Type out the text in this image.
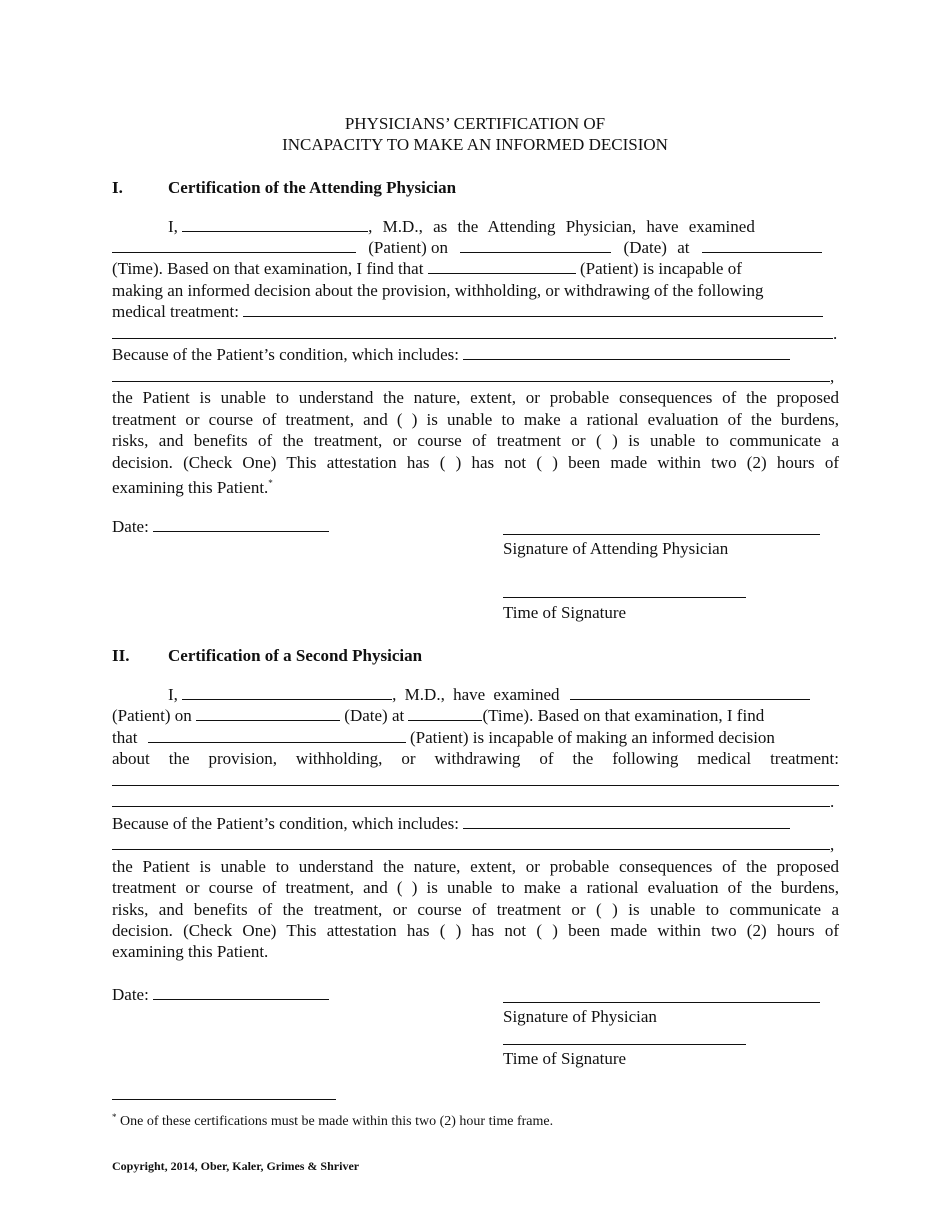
PHYSICIANS’ CERTIFICATION OF
INCAPACITY TO MAKE AN INFORMED DECISION
I.	Certification of the Attending Physician
I,	, M.D., as the Attending Physician, have examined
(Patient) on	(Date) at
(Time). Based on that examination, I find that	(Patient) is incapable of
making an informed decision about the provision, withholding, or withdrawing of the following
medical treatment:
.
Because of the Patient’s condition, which includes:
,
the Patient is unable to understand the nature, extent, or probable consequences of the proposed
treatment or course of treatment, and ( ) is unable to make a rational evaluation of the burdens,
risks, and benefits of the treatment, or course of treatment or ( ) is unable to communicate a
decision. (Check One) This attestation has ( ) has not ( ) been made within two (2) hours of
examining this Patient.*
Date:
Signature of Attending Physician
Time of Signature
II. Certification of a Second Physician
I,	, M.D., have examined
(Patient) on	(Date) at	(Time). Based on that examination, I find
that	(Patient) is incapable of making an informed decision
about the provision, withholding, or withdrawing of the following medical treatment:
.
Because of the Patient’s condition, which includes:
,
the Patient is unable to understand the nature, extent, or probable consequences of the proposed
treatment or course of treatment, and ( ) is unable to make a rational evaluation of the burdens,
risks, and benefits of the treatment, or course of treatment or ( ) is unable to communicate a
decision. (Check One) This attestation has ( ) has not ( ) been made within two (2) hours of
examining this Patient.
Date:
Signature of Physician
Time of Signature
* One of these certifications must be made within this two (2) hour time frame.
Copyright, 2014, Ober, Kaler, Grimes & Shriver
